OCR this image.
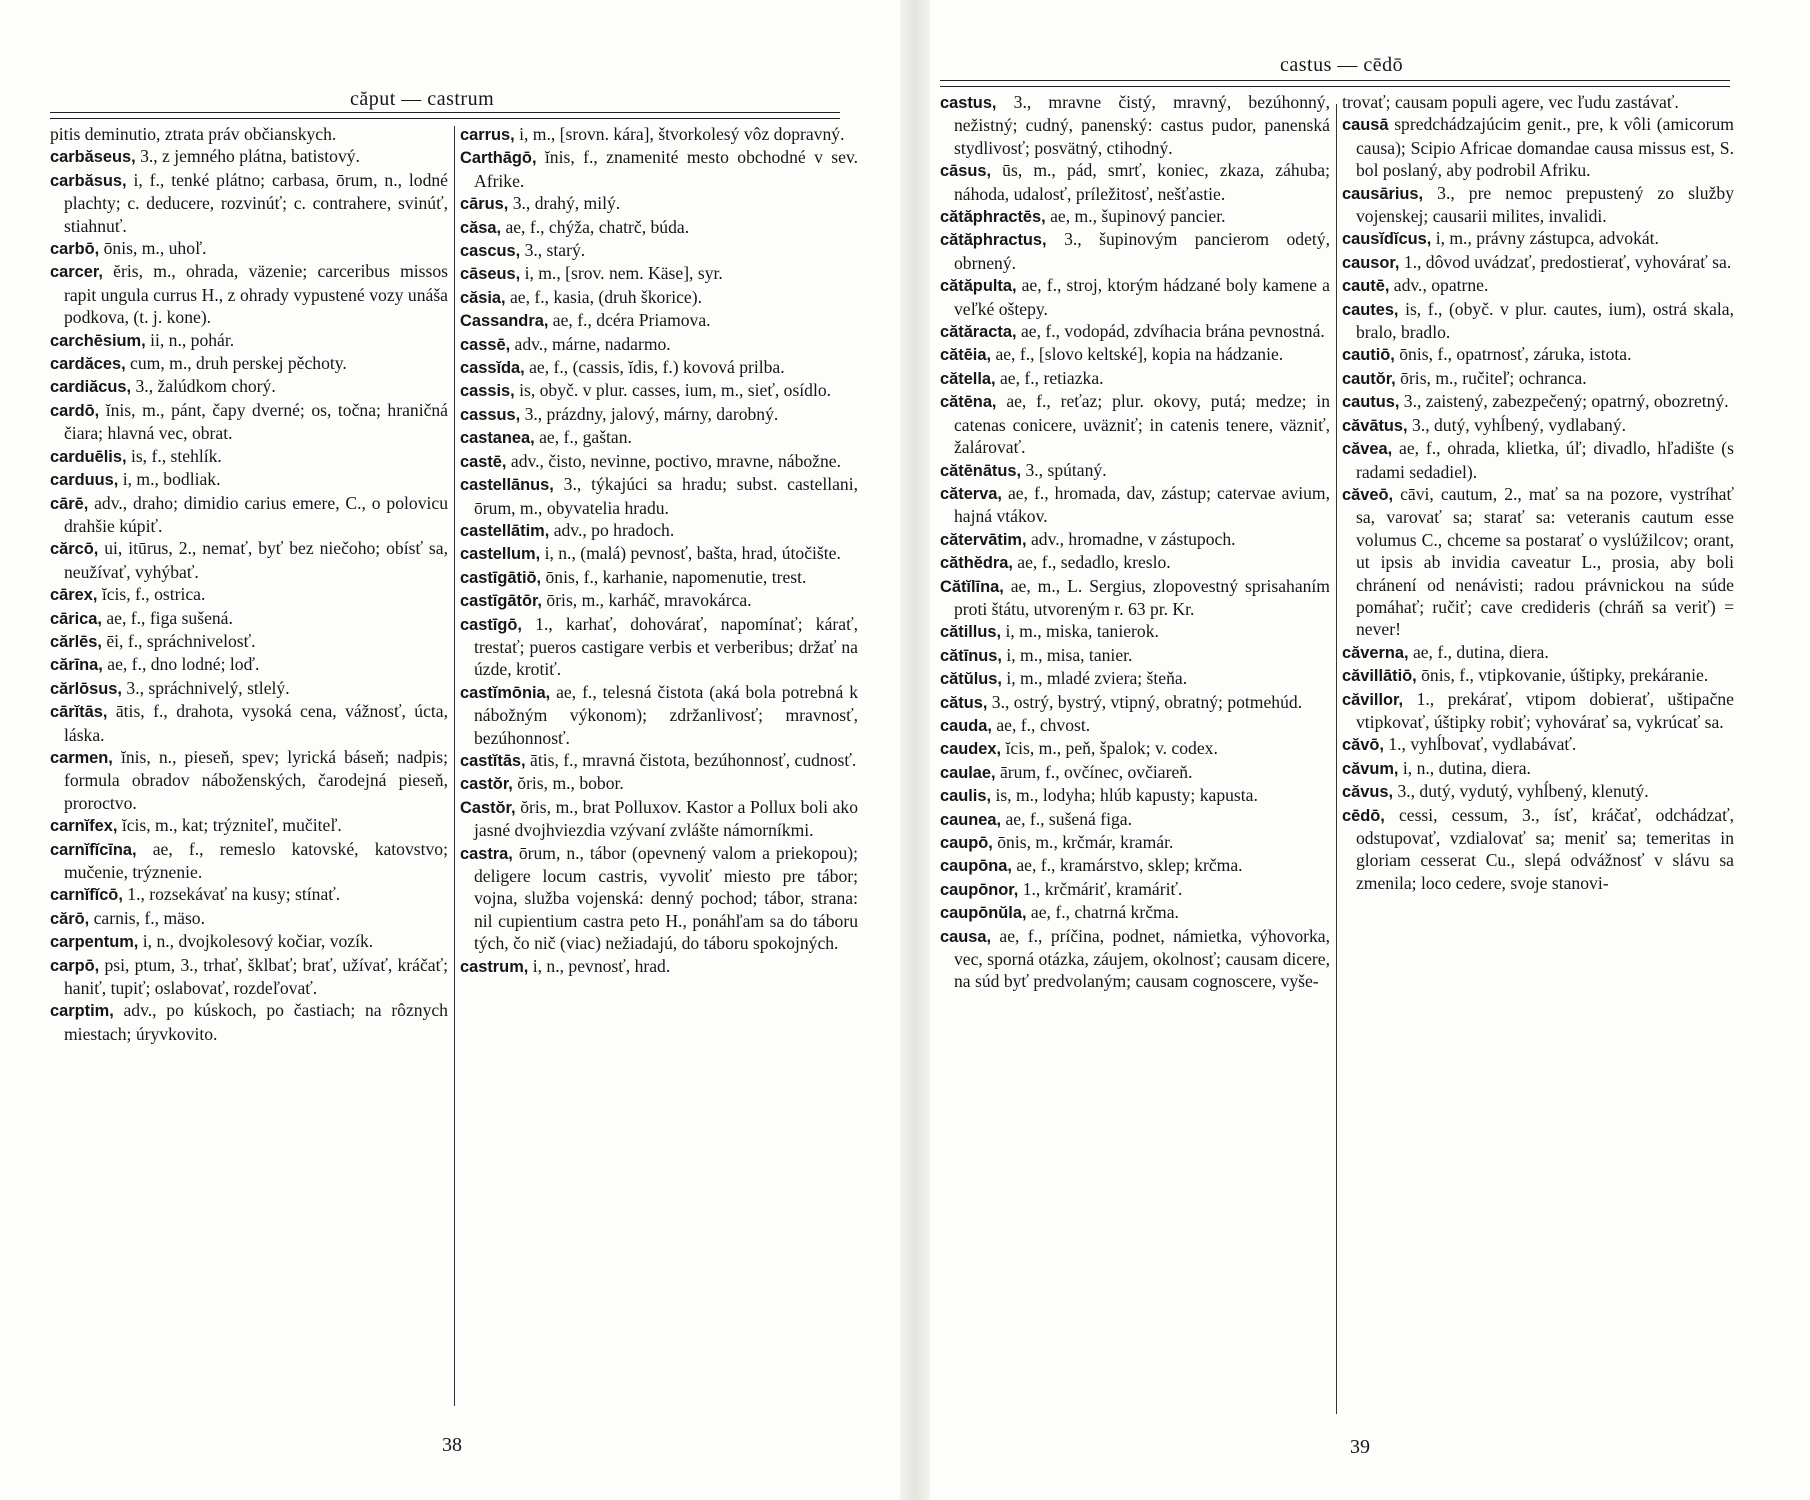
căput — castrum

pitis deminutio, ztrata práv občianskych.

carbăseus, 3., z jemného plátna, batistový.

carbăsus, i, f., tenké plátno; carbasa, ōrum, n., lodné plachty; c. deducere, rozvinúť; c. contrahere, svinúť, stiahnuť.

carbō, ōnis, m., uhoľ.

carcer, ĕris, m., ohrada, väzenie; carceribus missos rapit ungula currus H., z ohrady vypustené vozy unáša podkova, (t. j. kone).

carchēsium, ii, n., pohár.

cardăces, cum, m., druh perskej pěchoty.

cardiăcus, 3., žalúdkom chorý.

cardō, ĭnis, m., pánt, čapy dverné; os, točna; hraničná čiara; hlavná vec, obrat.

carduēlis, is, f., stehlík.

carduus, i, m., bodliak.

cārē, adv., draho; dimidio carius emere, C., o polovicu drahšie kúpiť.

cărcō, ui, itūrus, 2., nemať, byť bez niečoho; obísť sa, neužívať, vyhýbať.

cārex, ĭcis, f., ostrica.

cārica, ae, f., figa sušená.

cărlēs, ēi, f., spráchnivelosť.

cărīna, ae, f., dno lodné; loď.

cărlōsus, 3., spráchnivelý, stlelý.

cārĭtās, ātis, f., drahota, vysoká cena, vážnosť, úcta, láska.

carmen, ĭnis, n., pieseň, spev; lyrická báseň; nadpis; formula obradov náboženských, čarodejná pieseň, proroctvo.

carnĭfex, ĭcis, m., kat; trýzniteľ, mučiteľ.

carnĭfĭcīna, ae, f., remeslo katovské, katovstvo; mučenie, trýznenie.

carnĭfĭcō, 1., rozsekávať na kusy; stínať.

cărō, carnis, f., mäso.

carpentum, i, n., dvojkolesový kočiar, vozík.

carpō, psi, ptum, 3., trhať, šklbať; brať, užívať, kráčať; haniť, tupiť; oslabovať, rozdeľovať.

carptim, adv., po kúskoch, po častiach; na rôznych miestach; úryvkovito.

carrus, i, m., [srovn. kára], štvorkolesý vôz dopravný.

Carthāgō, ĭnis, f., znamenité mesto obchodné v sev. Afrike.

cārus, 3., drahý, milý.

căsa, ae, f., chýža, chatrč, búda.

cascus, 3., starý.

cāseus, i, m., [srov. nem. Käse], syr.

căsia, ae, f., kasia, (druh škorice).

Cassandra, ae, f., dcéra Priamova.

cassē, adv., márne, nadarmo.

cassĭda, ae, f., (cassis, ĭdis, f.) kovová prilba.

cassis, is, obyč. v plur. casses, ium, m., sieť, osídlo.

cassus, 3., prázdny, jalový, márny, darobný.

castanea, ae, f., gaštan.

castē, adv., čisto, nevinne, poctivo, mravne, nábožne.

castellānus, 3., týkajúci sa hradu; subst. castellani, ōrum, m., obyvatelia hradu.

castellātim, adv., po hradoch.

castellum, i, n., (malá) pevnosť, bašta, hrad, útočište.

castīgātiō, ōnis, f., karhanie, napomenutie, trest.

castīgātōr, ōris, m., karháč, mravokárca.

castīgō, 1., karhať, dohovárať, napomínať; kárať, trestať; pueros castigare verbis et verberibus; držať na úzde, krotiť.

castĭmōnia, ae, f., telesná čistota (aká bola potrebná k nábožným výkonom); zdržanlivosť; mravnosť, bezúhonnosť.

castĭtās, ātis, f., mravná čistota, bezúhonnosť, cudnosť.

castŏr, ŏris, m., bobor.

Castŏr, ŏris, m., brat Polluxov. Kastor a Pollux boli ako jasné dvojhviezdia vzývaní zvlášte námorníkmi.

castra, ōrum, n., tábor (opevnený valom a priekopou); deligere locum castris, vyvoliť miesto pre tábor; vojna, služba vojenská: denný pochod; tábor, strana: nil cupientium castra peto H., ponáhľam sa do táboru tých, čo nič (viac) nežiadajú, do táboru spokojných.

castrum, i, n., pevnosť, hrad.

38
castus — cēdō

castus, 3., mravne čistý, mravný, bezúhonný, nežistný; cudný, panenský: castus pudor, panenská stydlivosť; posvätný, ctihodný.

cāsus, ūs, m., pád, smrť, koniec, zkaza, záhuba; náhoda, udalosť, príležitosť, nešťastie.

cătăphractēs, ae, m., šupinový pancier.

cătăphractus, 3., šupinovým pancierom odetý, obrnený.

cătăpulta, ae, f., stroj, ktorým hádzané boly kamene a veľké oštepy.

cătăracta, ae, f., vodopád, zdvíhacia brána pevnostná.

cătēia, ae, f., [slovo keltské], kopia na hádzanie.

cătella, ae, f., retiazka.

cătēna, ae, f., reťaz; plur. okovy, putá; medze; in catenas conicere, uväzniť; in catenis tenere, väzniť, žalárovať.

cătēnātus, 3., spútaný.

căterva, ae, f., hromada, dav, zástup; catervae avium, hajná vtákov.

cătervātim, adv., hromadne, v zástupoch.

căthĕdra, ae, f., sedadlo, kreslo.

Cătĭlīna, ae, m., L. Sergius, zlopovestný sprisahaním proti štátu, utvoreným r. 63 pr. Kr.

cătillus, i, m., miska, tanierok.

cătīnus, i, m., misa, tanier.

cătŭlus, i, m., mladé zviera; šteňa.

cătus, 3., ostrý, bystrý, vtipný, obratný; potmehúd.

cauda, ae, f., chvost.

caudex, ĭcis, m., peň, špalok; v. codex.

caulae, ārum, f., ovčínec, ovčiareň.

caulis, is, m., lodyha; hlúb kapusty; kapusta.

caunea, ae, f., sušená figa.

caupō, ōnis, m., krčmár, kramár.

caupōna, ae, f., kramárstvo, sklep; krčma.

caupōnor, 1., krčmáriť, kramáriť.

caupōnŭla, ae, f., chatrná krčma.

causa, ae, f., príčina, podnet, námietka, výhovorka, vec, sporná otázka, záujem, okolnosť; causam dicere, na súd byť predvolaným; causam cognoscere, vyše-

trovať; causam populi agere, vec ľudu zastávať.

causā spredchádzajúcim genit., pre, k vôli (amicorum causa); Scipio Africae domandae causa missus est, S. bol poslaný, aby podrobil Afriku.

causārius, 3., pre nemoc prepustený zo služby vojenskej; causarii milites, invalidi.

causĭdĭcus, i, m., právny zástupca, advokát.

causor, 1., dôvod uvádzať, predostierať, vyhovárať sa.

cautē, adv., opatrne.

cautes, is, f., (obyč. v plur. cautes, ium), ostrá skala, bralo, bradlo.

cautiō, ōnis, f., opatrnosť, záruka, istota.

cautŏr, ōris, m., ručiteľ; ochranca.

cautus, 3., zaistený, zabezpečený; opatrný, obozretný.

căvātus, 3., dutý, vyhĺbený, vydlabaný.

căvea, ae, f., ohrada, klietka, úľ; divadlo, hľadište (s radami sedadiel).

căveō, cāvi, cautum, 2., mať sa na pozore, vystríhať sa, varovať sa; starať sa: veteranis cautum esse volumus C., chceme sa postarať o vyslúžilcov; orant, ut ipsis ab invidia caveatur L., prosia, aby boli chránení od nenávisti; radou právnickou na súde pomáhať; ručiť; cave credideris (chráň sa veriť) = never!

căverna, ae, f., dutina, diera.

căvillātiō, ōnis, f., vtipkovanie, úštipky, prekáranie.

căvillor, 1., prekárať, vtipom dobierať, uštipačne vtipkovať, úštipky robiť; vyhovárať sa, vykrúcať sa.

căvō, 1., vyhĺbovať, vydlabávať.

căvum, i, n., dutina, diera.

căvus, 3., dutý, vydutý, vyhĺbený, klenutý.

cēdō, cessi, cessum, 3., ísť, kráčať, odchádzať, odstupovať, vzdialovať sa; meniť sa; temeritas in gloriam cesserat Cu., slepá odvážnosť v slávu sa zmenila; loco cedere, svoje stanovi-

39
